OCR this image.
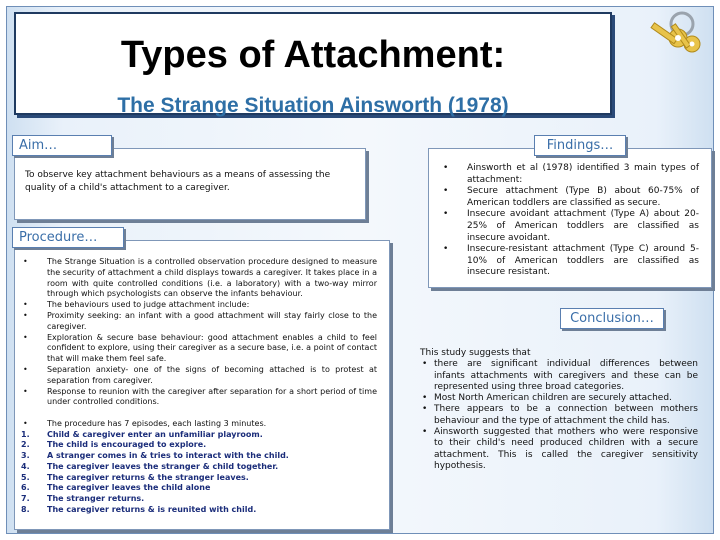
Types of Attachment:
The Strange Situation Ainsworth (1978)
To observe key attachment behaviours as a means of assessing the quality of a child's attachment to a caregiver.
Aim…
• The Strange Situation is a controlled observation procedure designed to measure the security of attachment a child displays towards a caregiver. It takes place in a room with quite controlled conditions (i.e. a laboratory) with a two-way mirror through which psychologists can observe the infants behaviour.
• The behaviours used to judge attachment include:
• Proximity seeking: an infant with a good attachment will stay fairly close to the caregiver.
• Exploration & secure base behaviour: good attachment enables a child to feel confident to explore, using their caregiver as a secure base, i.e. a point of contact that will make them feel safe.
• Separation anxiety- one of the signs of becoming attached is to protest at separation from caregiver.
• Response to reunion with the caregiver after separation for a short period of time under controlled conditions.
• The procedure has 7 episodes, each lasting 3 minutes.
1. Child & caregiver enter an unfamiliar playroom.
2. The child is encouraged to explore.
3. A stranger comes in & tries to interact with the child.
4. The caregiver leaves the stranger & child together.
5. The caregiver returns & the stranger leaves.
6. The caregiver leaves the child alone
7. The stranger returns.
8. The caregiver returns & is reunited with child.
Procedure…
• Ainsworth et al (1978) identified 3 main types of attachment:
• Secure attachment (Type B) about 60-75% of American toddlers are classified as secure.
• Insecure avoidant attachment (Type A) about 20-25% of American toddlers are classified as insecure avoidant.
• Insecure-resistant attachment (Type C) around 5-10% of American toddlers are classified as insecure resistant.
Findings…
Conclusion…
This study suggests that
• there are significant individual differences between infants attachments with caregivers and these can be represented using three broad categories.
• Most North American children are securely attached.
• There appears to be a connection between mothers behaviour and the type of attachment the child has.
• Ainsworth suggested that mothers who were responsive to their child's need produced children with a secure attachment. This is called the caregiver sensitivity hypothesis.
